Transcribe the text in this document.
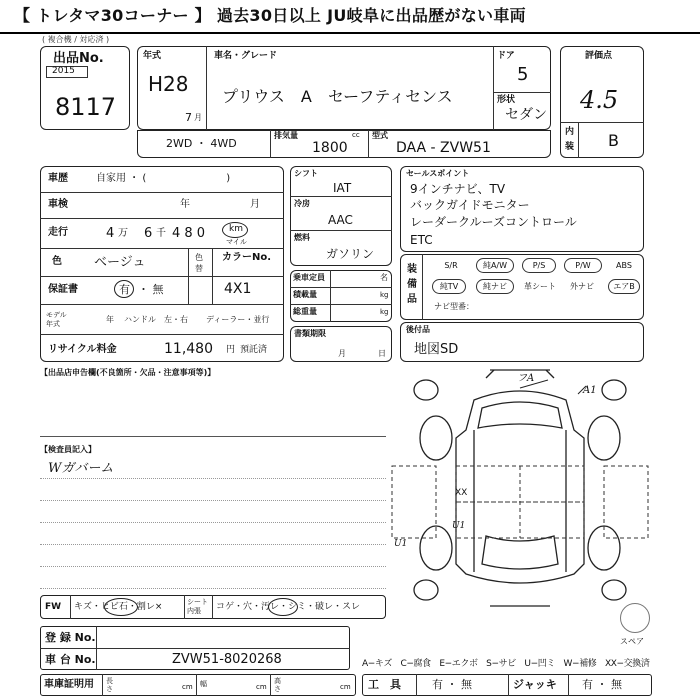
【 トレタマ30コーナー 】 過去30日以上 JU岐阜に出品歴がない車両
( 複合機 / 対応済 )
出品No.
2015
8117
年式
H28
7 月
車名・グレード
プリウス　A　セーフティセンス
ドア
5
形状
セダン
評価点
4.5
内
装 B
2WD ・ 4WD
排気量	cc
1800
型式
DAA - ZVW51
車歴	自家用 ・ (　　　　　　　　)
車検	年	月
走行	4 万 6 千 4 8 0	km
マイル
色 ベージュ	色替
カラーNo.
4X1
保証書	有 ・ 無
モデル年式	年 ハンドル　左・右 ディーラー・並行
リサイクル料金	11,480 円 預託済
シフト
IAT
冷房
AAC
燃料
ガソリン
乗車定員	名
積載量	kg
総重量	kg
書類期限
月	日
セールスポイント
9インチナビ、TV
バックガイドモニター
レーダークルーズコントロール
ETC
装備品
S/R	純A/W	P/S	P/W	ABS
純TV	純ナビ	革シート	外ナビ	エアB
ナビ型番：
後付品
地図SD
【出品店申告欄(不良箇所・欠品・注意事項等)】
【検査員記入】
Wガバーム
フA
A1
XX
U1
U1
スペア
FW キズ・ヒビ石・割レ×	シート
内張	コゲ・穴・汚レ・シミ・破レ・スレ
登 録 No.
車 台 No.	ZVW51-8020268	A−キズ　C−腐食　E−エクボ　S−サビ　U−凹ミ　W−補修　XX−交換済
車庫証明用 長さ	cm 幅	cm
高さ	cm 工　具	有 ・ 無	ジャッキ 有 ・ 無
